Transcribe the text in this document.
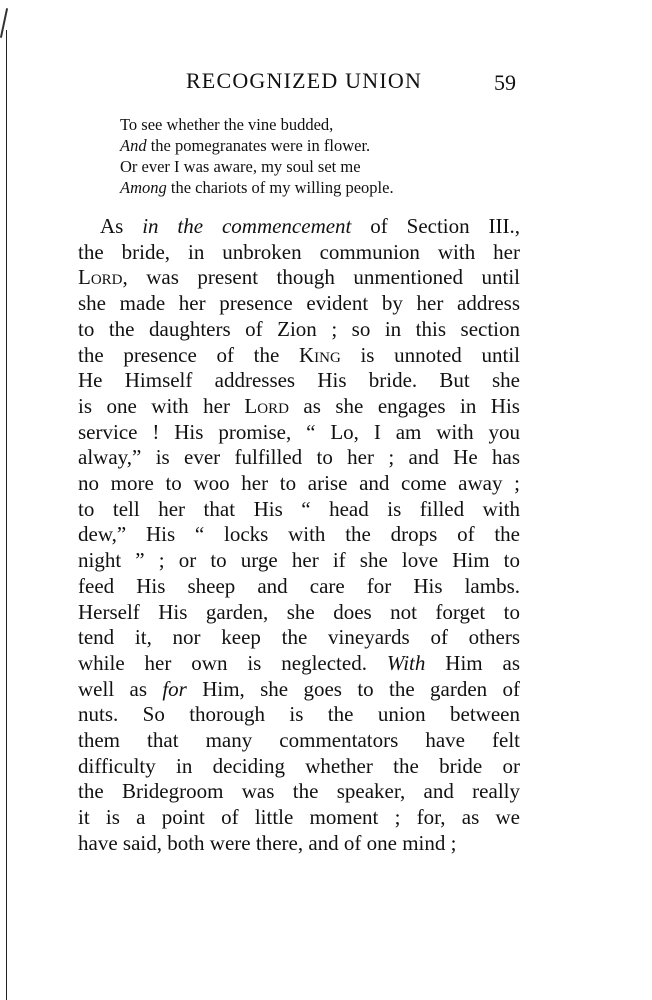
RECOGNIZED UNION	59
To see whether the vine budded,
And the pomegranates were in flower.
Or ever I was aware, my soul set me
Among the chariots of my willing people.
As in the commencement of Section III.,
the bride, in unbroken communion with her
Lord, was present though unmentioned until
she made her presence evident by her address
to the daughters of Zion ; so in this section
the presence of the King is unnoted until
He Himself addresses His bride. But she
is one with her Lord as she engages in His
service ! His promise, “ Lo, I am with you
alway,” is ever fulfilled to her ; and He has
no more to woo her to arise and come away ;
to tell her that His “ head is filled with
dew,” His “ locks with the drops of the
night ” ; or to urge her if she love Him to
feed His sheep and care for His lambs.
Herself His garden, she does not forget to
tend it, nor keep the vineyards of others
while her own is neglected. With Him as
well as for Him, she goes to the garden of
nuts. So thorough is the union between
them that many commentators have felt
difficulty in deciding whether the bride or
the Bridegroom was the speaker, and really
it is a point of little moment ; for, as we
have said, both were there, and of one mind ;
